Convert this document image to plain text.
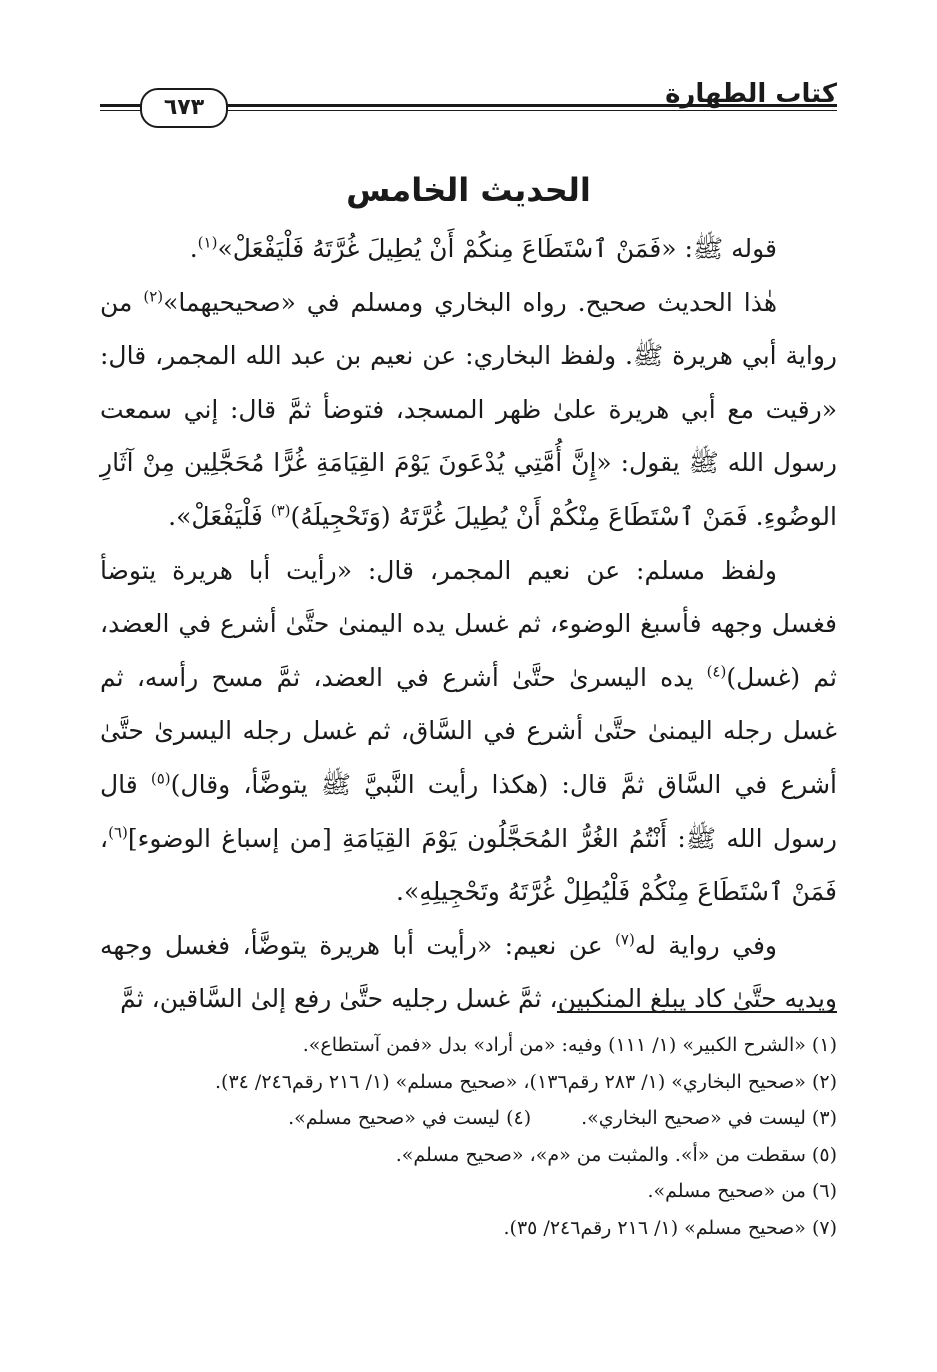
كتاب الطهارة
٦٧٣
الحديث الخامس

قوله ﷺ: «فَمَنْ ٱسْتَطَاعَ مِنكُمْ أَنْ يُطِيلَ غُرَّتَهُ فَلْيَفْعَلْ»$^{(١)}$.

هٰذا الحديث صحيح. رواه البخاري ومسلم في «صحيحيهما»$^{(٢)}$ من رواية أبي هريرة ﷺ. ولفظ البخاري: عن نعيم بن عبد الله المجمر، قال: «رقيت مع أبي هريرة علىٰ ظهر المسجد، فتوضأ ثمَّ قال: إني سمعت رسول الله ﷺ يقول: «إِنَّ أُمَّتِي يُدْعَونَ يَوْمَ القِيَامَةِ غُرًّا مُحَجَّلِين مِنْ آثَارِ الوضُوءِ. فَمَنْ ٱسْتَطَاعَ مِنْكُمْ أَنْ يُطِيلَ غُرَّتَهُ (وَتَحْجِيلَهُ)$^{(٣)}$ فَلْيَفْعَلْ».

ولفظ مسلم: عن نعيم المجمر، قال: «رأيت أبا هريرة يتوضأ فغسل وجهه فأسبغ الوضوء، ثم غسل يده اليمنىٰ حتَّىٰ أشرع في العضد، ثم (غسل)$^{(٤)}$ يده اليسرىٰ حتَّىٰ أشرع في العضد، ثمَّ مسح رأسه، ثم غسل رجله اليمنىٰ حتَّىٰ أشرع في السَّاق، ثم غسل رجله اليسرىٰ حتَّىٰ أشرع في السَّاق ثمَّ قال: (هكذا رأيت النَّبيَّ ﷺ يتوضَّأ، وقال)$^{(٥)}$ قال رسول الله ﷺ: أَنْتُمُ الغُرُّ المُحَجَّلُون يَوْمَ القِيَامَةِ [من إسباغ الوضوء]$^{(٦)}$، فَمَنْ ٱسْتَطَاعَ مِنْكُمْ فَلْيُطِلْ غُرَّتَهُ وتَحْجِيلِهِ».

وفي رواية له$^{(٧)}$ عن نعيم: «رأيت أبا هريرة يتوضَّأ، فغسل وجهه ويديه حتَّىٰ كاد يبلغ المنكبين، ثمَّ غسل رجليه حتَّىٰ رفع إلىٰ السَّاقين، ثمَّ

(١) «الشرح الكبير» (١/ ١١١) وفيه: «من أراد» بدل «فمن آستطاع».
(٢) «صحيح البخاري» (١/ ٢٨٣ رقم١٣٦)، «صحيح مسلم» (١/ ٢١٦ رقم٢٤٦/ ٣٤).
(٣) ليست في «صحيح البخاري».(٤) ليست في «صحيح مسلم».
(٥) سقطت من «أ». والمثبت من «م»، «صحيح مسلم».
(٦) من «صحيح مسلم».
(٧) «صحيح مسلم» (١/ ٢١٦ رقم٢٤٦/ ٣٥).
